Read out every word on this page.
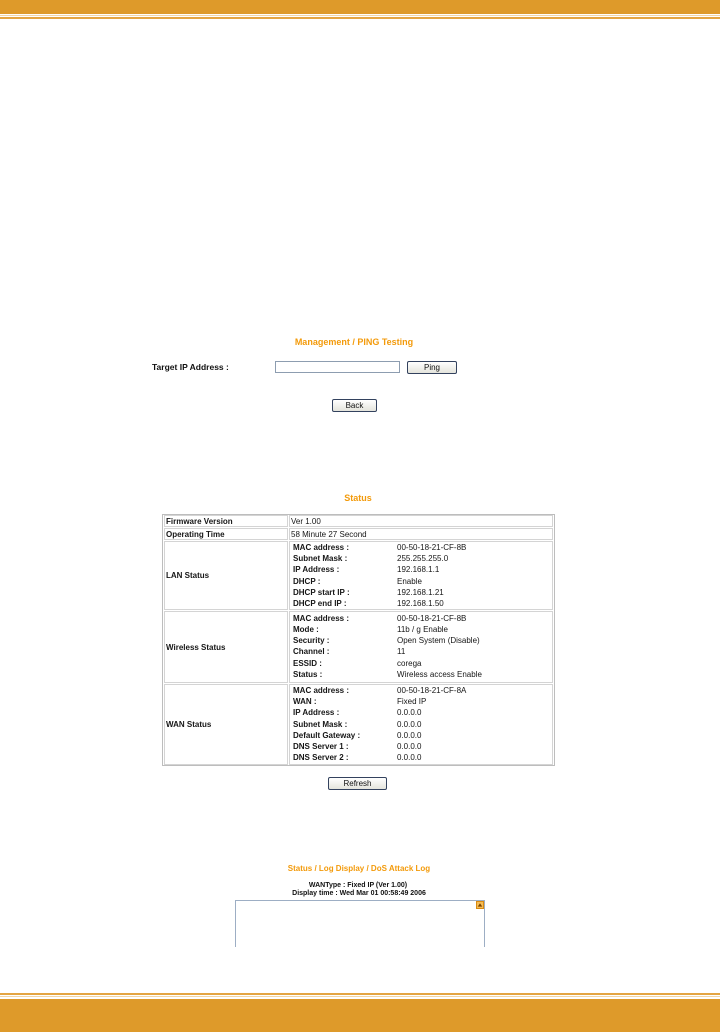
Management / PING Testing
Target IP Address :	Ping
Back
Status
Firmware Version	Ver 1.00
Operating Time	58 Minute 27 Second
LAN Status
MAC address :	00-50-18-21-CF-8B
Subnet Mask :	255.255.255.0
IP Address :	192.168.1.1
DHCP :	Enable
DHCP start IP :	192.168.1.21
DHCP end IP :	192.168.1.50
Wireless Status
MAC address :	00-50-18-21-CF-8B
Mode :	11b / g Enable
Security :	Open System (Disable)
Channel :	11
ESSID :	corega
Status :	Wireless access Enable
WAN Status
MAC address :	00-50-18-21-CF-8A
WAN :	Fixed IP
IP Address :	0.0.0.0
Subnet Mask :	0.0.0.0
Default Gateway :	0.0.0.0
DNS Server 1 :	0.0.0.0
DNS Server 2 :	0.0.0.0
Refresh
Status / Log Display / DoS Attack Log
WANType : Fixed IP (Ver 1.00)
Display time : Wed Mar 01 00:58:49 2006
